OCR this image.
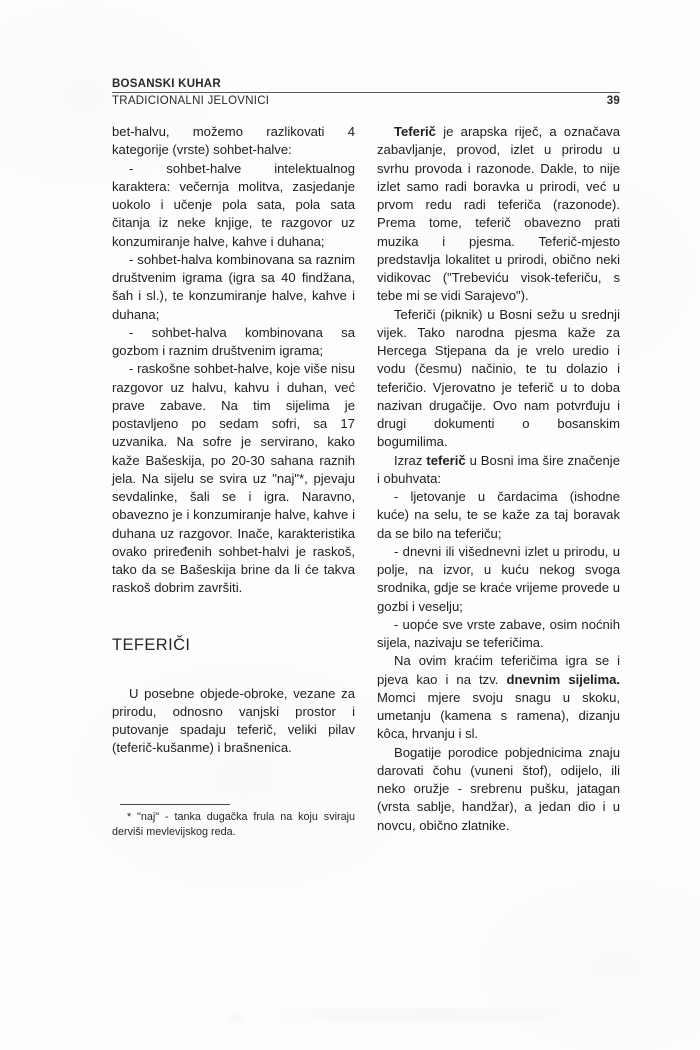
BOSANSKI KUHAR
TRADICIONALNI JELOVNICI	39

bet-halvu, možemo razlikovati 4 kategorije (vrste) sohbet-halve:

- sohbet-halve intelektualnog karaktera: večernja molitva, zasjedanje uokolo i učenje pola sata, pola sata čitanja iz neke knjige, te razgovor uz konzumiranje halve, kahve i duhana;

- sohbet-halva kombinovana sa raznim društvenim igrama (igra sa 40 findžana, šah i sl.), te konzumiranje halve, kahve i duhana;

- sohbet-halva kombinovana sa gozbom i raznim društvenim igrama;

- raskošne sohbet-halve, koje više nisu razgovor uz halvu, kahvu i duhan, već prave zabave. Na tim sijelima je postavljeno po sedam sofri, sa 17 uzvanika. Na sofre je servirano, kako kaže Bašeskija, po 20-30 sahana raznih jela. Na sijelu se svira uz "naj"*, pjevaju sevdalinke, šali se i igra. Naravno, obavezno je i konzumiranje halve, kahve i duhana uz razgovor. Inače, karakteristika ovako priređenih sohbet-halvi je raskoš, tako da se Bašeskija brine da li će takva raskoš dobrim završiti.

TEFERIČI

U posebne objede-obroke, vezane za prirodu, odnosno vanjski prostor i putovanje spadaju teferič, veliki pilav (teferič-kušanme) i brašnenica.

* "naj" - tanka dugačka frula na koju sviraju derviši mevlevijskog reda.

Teferič je arapska riječ, a označava zabavljanje, provod, izlet u prirodu u svrhu provoda i razonode. Dakle, to nije izlet samo radi boravka u prirodi, već u prvom redu radi teferiča (razonode). Prema tome, teferič obavezno prati muzika i pjesma. Teferič-mjesto predstavlja lokalitet u prirodi, obično neki vidikovac ("Trebeviću visok-teferiču, s tebe mi se vidi Sarajevo").

Teferiči (piknik) u Bosni sežu u srednji vijek. Tako narodna pjesma kaže za Hercega Stjepana da je vrelo uredio i vodu (česmu) načinio, te tu dolazio i teferičio. Vjerovatno je teferič u to doba nazivan drugačije. Ovo nam potvrđuju i drugi dokumenti o bosanskim bogumilima.

Izraz teferič u Bosni ima šire značenje i obuhvata:

- ljetovanje u čardacima (ishodne kuće) na selu, te se kaže za taj boravak da se bilo na teferiču;

- dnevni ili višednevni izlet u prirodu, u polje, na izvor, u kuću nekog svoga srodnika, gdje se kraće vrijeme provede u gozbi i veselju;

- uopće sve vrste zabave, osim noćnih sijela, nazivaju se teferičima.

Na ovim kraćim teferičima igra se i pjeva kao i na tzv. dnevnim sijelima. Momci mjere svoju snagu u skoku, umetanju (kamena s ramena), dizanju kôca, hrvanju i sl.

Bogatije porodice pobjednicima znaju darovati čohu (vuneni štof), odijelo, ili neko oružje - srebrenu pušku, jatagan (vrsta sablje, handžar), a jedan dio i u novcu, obično zlatnike.
